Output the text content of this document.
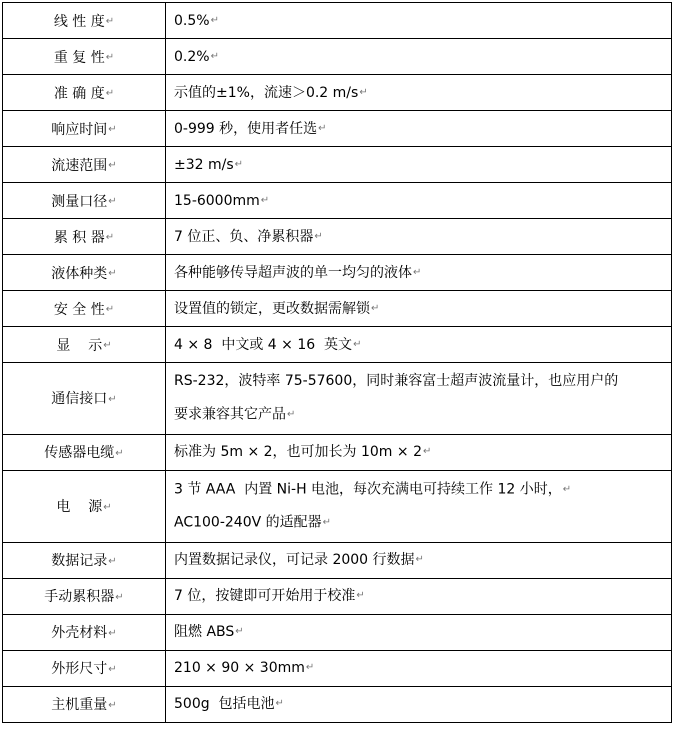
线 性 度↵	0.5%↵

重 复 性↵	0.2%↵

准 确 度↵	示值的±1%，流速＞0.2 m/s↵

响应时间↵	0-999 秒，使用者任选↵

流速范围↵	±32 m/s↵

测量口径↵	15-6000mm↵

累 积 器↵	7 位正、负、净累积器↵

液体种类↵	各种能够传导超声波的单一均匀的液体↵

安 全 性↵	设置值的锁定，更改数据需解锁↵

显    示↵	4 × 8  中文或 4 × 16  英文↵

通信接口↵	RS-232，波特率 75-57600，同时兼容富士超声波流量计，也应用户的
要求兼容其它产品↵

传感器电缆↵	标准为 5m × 2，也可加长为 10m × 2↵

电    源↵	3 节 AAA  内置 Ni-H 电池，每次充满电可持续工作 12 小时，↵
AC100-240V 的适配器↵

数据记录↵	内置数据记录仪，可记录 2000 行数据↵

手动累积器↵	7 位，按键即可开始用于校准↵

外壳材料↵	阻燃 ABS↵

外形尺寸↵	210 × 90 × 30mm↵

主机重量↵	500g  包括电池↵
